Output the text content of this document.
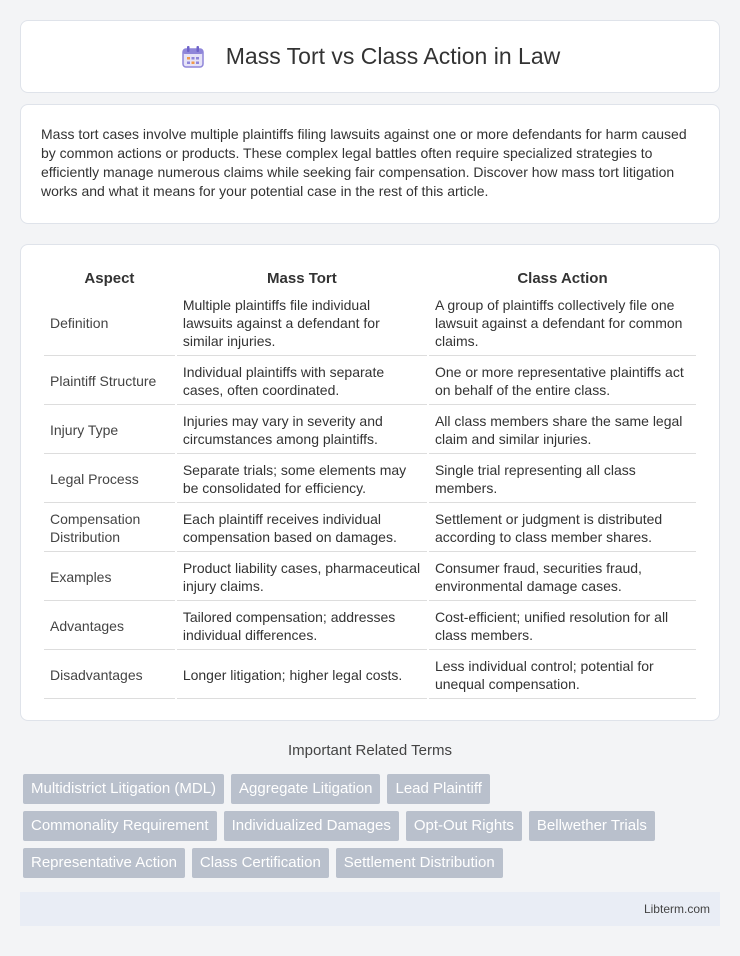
Mass Tort vs Class Action in Law

Mass tort cases involve multiple plaintiffs filing lawsuits against one or more defendants for harm caused by common actions or products. These complex legal battles often require specialized strategies to efficiently manage numerous claims while seeking fair compensation. Discover how mass tort litigation works and what it means for your potential case in the rest of this article.

Aspect	Mass Tort	Class Action
Definition	Multiple plaintiffs file individual lawsuits against a defendant for similar injuries.	A group of plaintiffs collectively file one lawsuit against a defendant for common claims.
Plaintiff Structure	Individual plaintiffs with separate cases, often coordinated.	One or more representative plaintiffs act on behalf of the entire class.
Injury Type	Injuries may vary in severity and circumstances among plaintiffs.	All class members share the same legal claim and similar injuries.
Legal Process	Separate trials; some elements may be consolidated for efficiency.	Single trial representing all class members.
Compensation Distribution	Each plaintiff receives individual compensation based on damages.	Settlement or judgment is distributed according to class member shares.
Examples	Product liability cases, pharmaceutical injury claims.	Consumer fraud, securities fraud, environmental damage cases.
Advantages	Tailored compensation; addresses individual differences.	Cost-efficient; unified resolution for all class members.
Disadvantages	Longer litigation; higher legal costs.	Less individual control; potential for unequal compensation.
Important Related Terms
Multidistrict Litigation (MDL)	Aggregate Litigation	Lead Plaintiff
Commonality Requirement	Individualized Damages	Opt-Out Rights	Bellwether Trials
Representative Action	Class Certification	Settlement Distribution
Libterm.com
